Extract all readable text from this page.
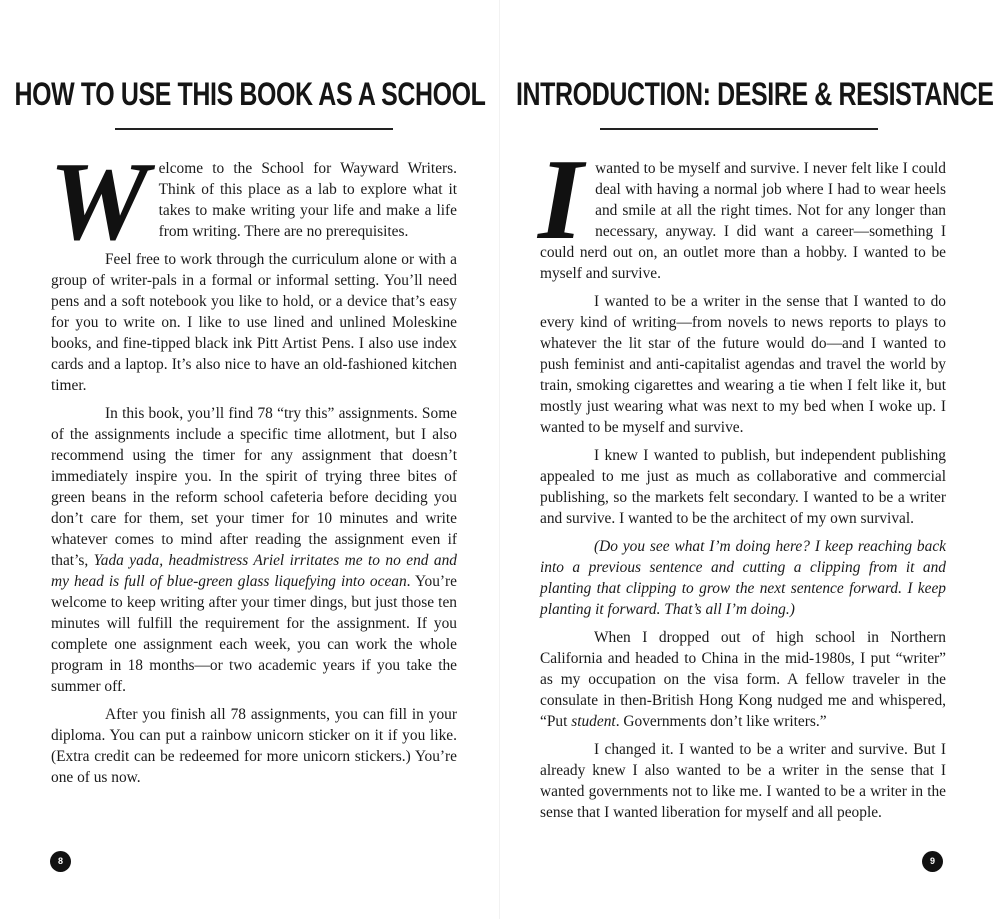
HOW TO USE THIS BOOK AS A SCHOOL

Welcome to the School for Wayward Writers. Think of this place as a lab to explore what it takes to make writing your life and make a life from writing. There are no prerequisites.

Feel free to work through the curriculum alone or with a group of writer-pals in a formal or informal setting. You’ll need pens and a soft notebook you like to hold, or a device that’s easy for you to write on. I like to use lined and unlined Moleskine books, and fine-tipped black ink Pitt Artist Pens. I also use index cards and a laptop. It’s also nice to have an old-fashioned kitchen timer.

In this book, you’ll find 78 “try this” assignments. Some of the assignments include a specific time allotment, but I also recommend using the timer for any assignment that doesn’t immediately inspire you. In the spirit of trying three bites of green beans in the reform school cafeteria before deciding you don’t care for them, set your timer for 10 minutes and write whatever comes to mind after reading the assignment even if that’s, Yada yada, headmistress Ariel irritates me to no end and my head is full of blue-green glass liquefying into ocean. You’re welcome to keep writing after your timer dings, but just those ten minutes will fulfill the requirement for the assignment. If you complete one assignment each week, you can work the whole program in 18 months—or two academic years if you take the summer off.

After you finish all 78 assignments, you can fill in your diploma. You can put a rainbow unicorn sticker on it if you like. (Extra credit can be redeemed for more unicorn stickers.) You’re one of us now.

8
INTRODUCTION: DESIRE & RESISTANCE

Iwanted to be myself and survive. I never felt like I could deal with having a normal job where I had to wear heels and smile at all the right times. Not for any longer than necessary, anyway. I did want a career—something I could nerd out on, an outlet more than a hobby. I wanted to be myself and survive.

I wanted to be a writer in the sense that I wanted to do every kind of writing—from novels to news reports to plays to whatever the lit star of the future would do—and I wanted to push feminist and anti-capitalist agendas and travel the world by train, smoking cigarettes and wearing a tie when I felt like it, but mostly just wearing what was next to my bed when I woke up. I wanted to be myself and survive.

I knew I wanted to publish, but independent publishing appealed to me just as much as collaborative and commercial publishing, so the markets felt secondary. I wanted to be a writer and survive. I wanted to be the architect of my own survival.

(Do you see what I’m doing here? I keep reaching back into a previous sentence and cutting a clipping from it and planting that clipping to grow the next sentence forward. I keep planting it forward. That’s all I’m doing.)

When I dropped out of high school in Northern California and headed to China in the mid-1980s, I put “writer” as my occupation on the visa form. A fellow traveler in the consulate in then-British Hong Kong nudged me and whispered, “Put student. Governments don’t like writers.”

I changed it. I wanted to be a writer and survive. But I already knew I also wanted to be a writer in the sense that I wanted governments not to like me. I wanted to be a writer in the sense that I wanted liberation for myself and all people.

9
